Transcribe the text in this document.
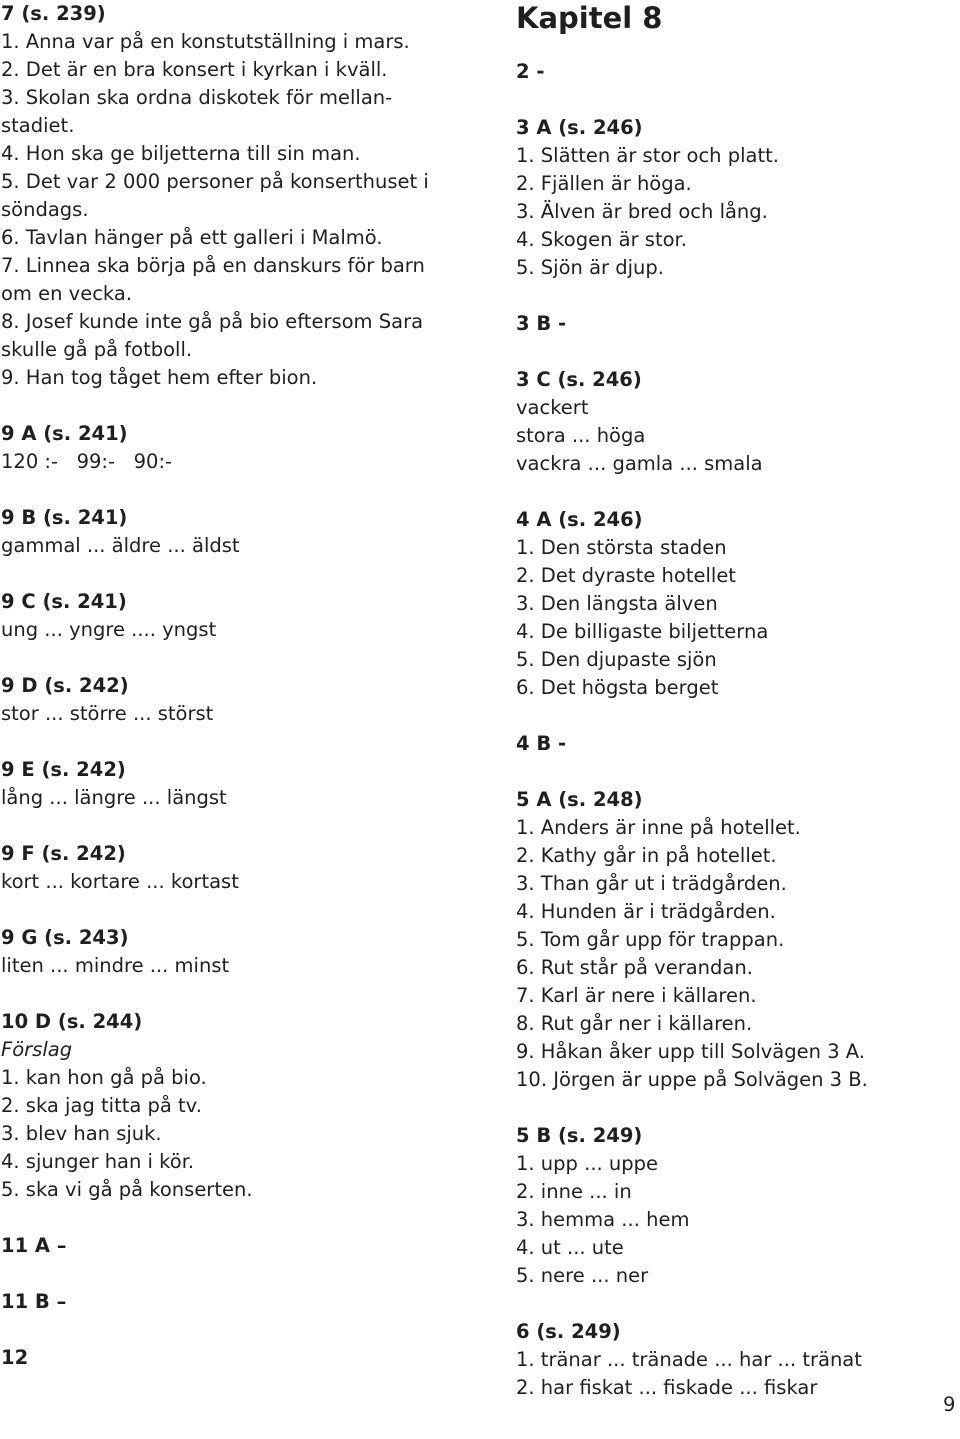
7 (s. 239)
1. Anna var på en konstutställning i mars.
2. Det är en bra konsert i kyrkan i kväll.
3. Skolan ska ordna diskotek för mellan-
stadiet.
4. Hon ska ge biljetterna till sin man.
5. Det var 2 000 personer på konserthuset i
söndags.
6. Tavlan hänger på ett galleri i Malmö.
7. Linnea ska börja på en danskurs för barn
om en vecka.
8. Josef kunde inte gå på bio eftersom Sara
skulle gå på fotboll.
9. Han tog tåget hem efter bion.
9 A (s. 241)
120 :-   99:-   90:-
9 B (s. 241)
gammal ... äldre ... äldst
9 C (s. 241)
ung ... yngre .... yngst
9 D (s. 242)
stor ... större ... störst
9 E (s. 242)
lång ... längre ... längst
9 F (s. 242)
kort ... kortare ... kortast
9 G (s. 243)
liten ... mindre ... minst
10 D (s. 244)
Förslag
1. kan hon gå på bio.
2. ska jag titta på tv.
3. blev han sjuk.
4. sjunger han i kör.
5. ska vi gå på konserten.
11 A –
11 B –
12
Kapitel 8
2 -
3 A (s. 246)
1. Slätten är stor och platt.
2. Fjällen är höga.
3. Älven är bred och lång.
4. Skogen är stor.
5. Sjön är djup.
3 B -
3 C (s. 246)
vackert
stora ... höga
vackra ... gamla ... smala
4 A (s. 246)
1. Den största staden
2. Det dyraste hotellet
3. Den längsta älven
4. De billigaste biljetterna
5. Den djupaste sjön
6. Det högsta berget
4 B -
5 A (s. 248)
1. Anders är inne på hotellet.
2. Kathy går in på hotellet.
3. Than går ut i trädgården.
4. Hunden är i trädgården.
5. Tom går upp för trappan.
6. Rut står på verandan.
7. Karl är nere i källaren.
8. Rut går ner i källaren.
9. Håkan åker upp till Solvägen 3 A.
10. Jörgen är uppe på Solvägen 3 B.
5 B (s. 249)
1. upp ... uppe
2. inne ... in
3. hemma ... hem
4. ut ... ute
5. nere ... ner
6 (s. 249)
1. tränar ... tränade ... har ... tränat
2. har fiskat ... fiskade ... fiskar
9
